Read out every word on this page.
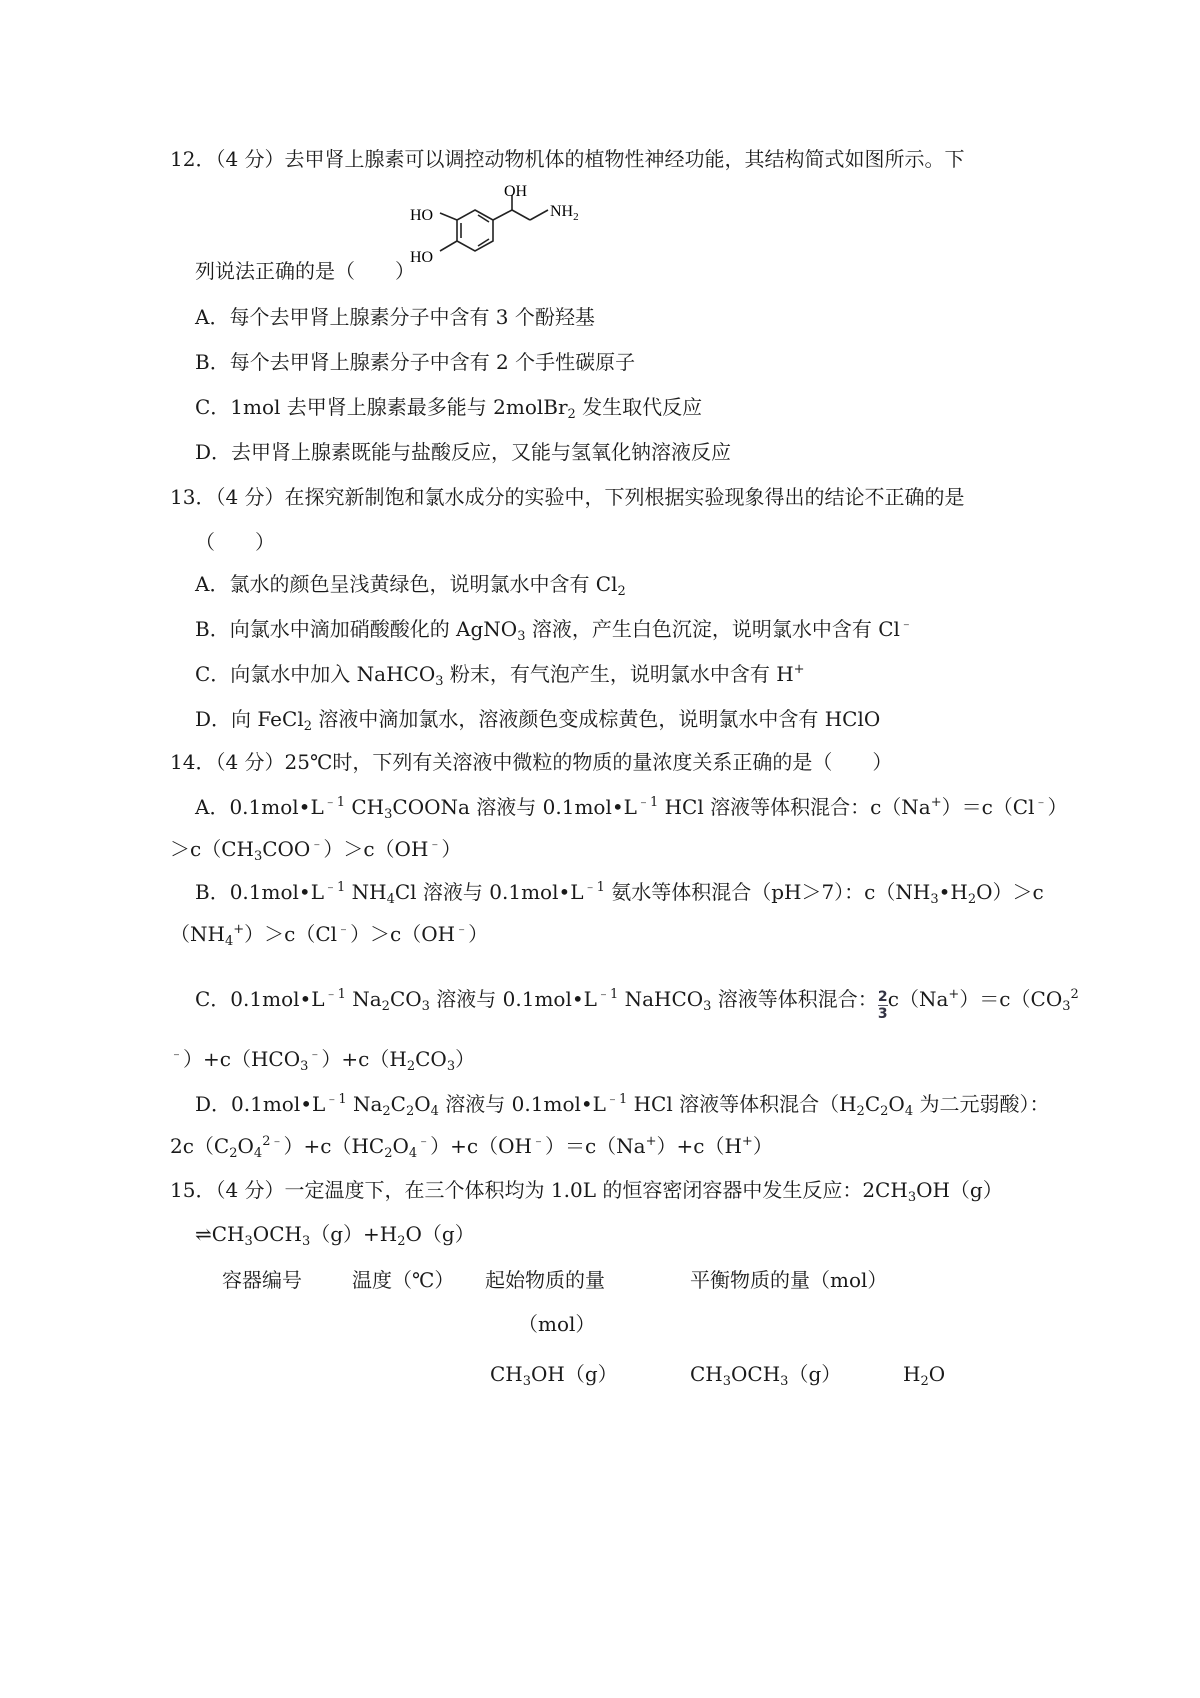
12．（4 分）去甲肾上腺素可以调控动物机体的植物性神经功能，其结构简式如图所示。下
OH
HO
HO
$NH_2$
列说法正确的是（　　）
A．每个去甲肾上腺素分子中含有 3 个酚羟基
B．每个去甲肾上腺素分子中含有 2 个手性碳原子
C．1mol 去甲肾上腺素最多能与 2molBr$_2$ 发生取代反应
D．去甲肾上腺素既能与盐酸反应，又能与氢氧化钠溶液反应
13．（4 分）在探究新制饱和氯水成分的实验中，下列根据实验现象得出的结论不正确的是
（　　）
A．氯水的颜色呈浅黄绿色，说明氯水中含有 $Cl_2$
B．向氯水中滴加硝酸酸化的 AgNO$_3$ 溶液，产生白色沉淀，说明氯水中含有 Cl﹣
C．向氯水中加入 NaHCO$_3$ 粉末，有气泡产生，说明氯水中含有 H+
D．向 FeCl$_2$ 溶液中滴加氯水，溶液颜色变成棕黄色，说明氯水中含有 HClO
14．（4 分）25℃时，下列有关溶液中微粒的物质的量浓度关系正确的是（　　）
A．$0.1mol•L^{﹣1}$ $CH_3COONa$ 溶液与 $0.1mol•L^{﹣1}$ HCl 溶液等体积混合：c（Na+）＝c（Cl﹣）
$>c(CH_3COO^﹣)>c(OH^﹣)$
B．$0.1mol•L^{﹣1}$ $NH_4Cl$ 溶液与 $0.1mol•L^{﹣1}$ 氨水等体积混合（pH＞7）：$c(NH_3•H_2O)>c$
$(NH_4^+)>c(Cl^﹣)>c(OH^﹣)$
C．$0.1mol•L^{﹣1}$ $Na_2CO_3$ 溶液与 $0.1mol•L^{﹣1}$ NaHCO$_3$ 溶液等体积混合： $\frac{2}{3} c(Na^+)=c(CO_3^2$
$^﹣)+c(HCO_3^﹣)+c(H_2CO_3)$
D．$0.1mol•L^{﹣1}$ $Na_2C_2O_4$ 溶液与 $0.1mol•L^{﹣1}$ HCl 溶液等体积混合（$H_2C_2O_4$ 为二元弱酸）：
$2c(C_2O_4^{2﹣})+c(HC_2O_4^﹣)+c(OH^﹣)=c(Na^+)+c(H^+)$
15．（4 分）一定温度下，在三个体积均为 1.0L 的恒容密闭容器中发生反应：$2CH_3OH(g)$
$\rightleftharpoons CH_3OCH_3(g)+H_2O(g)$
容器编号	温度（℃） 起始物质的量	平衡物质的量（mol）
（mol）
$CH_3OH(g)$	$CH_3OCH_3(g)$	$H_2O$
